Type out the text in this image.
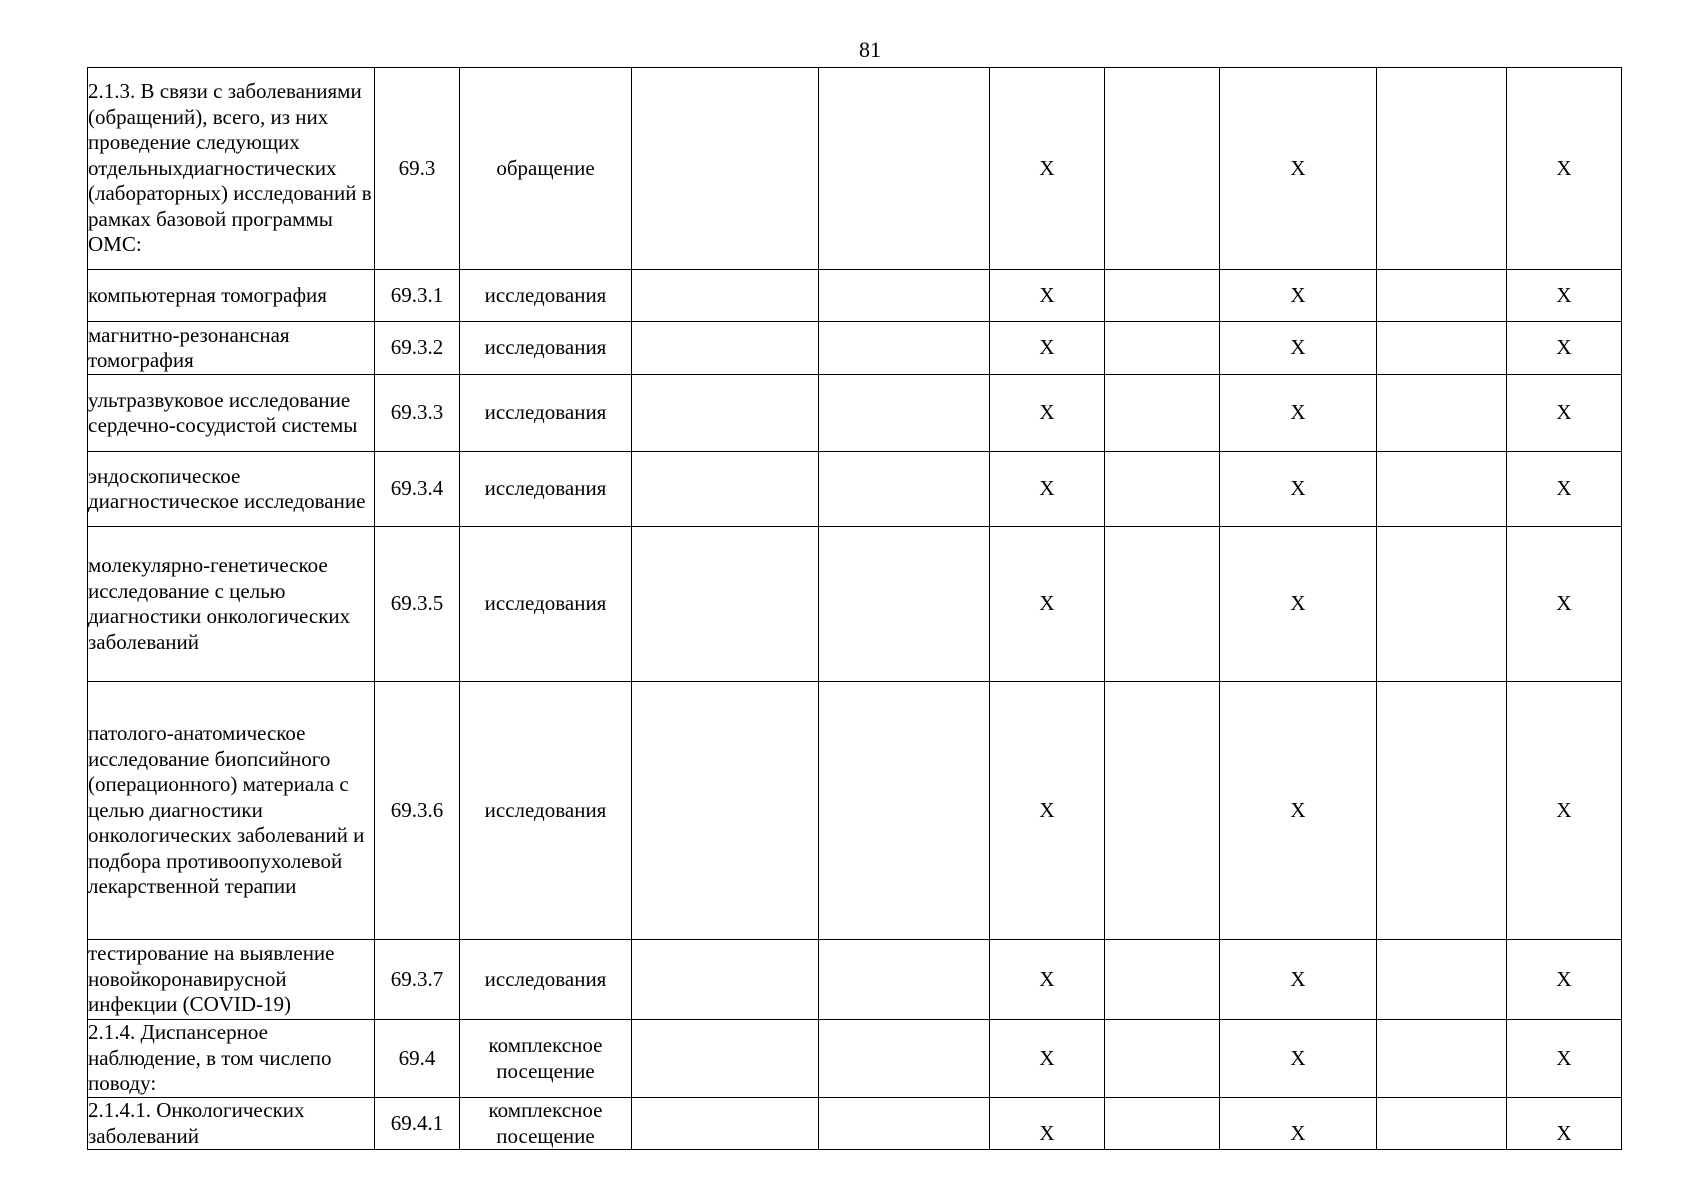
81
2.1.3. В связи с заболеваниями (обращений), всего, из них проведение следующих отдельныхдиагностических (лабораторных) исследований в рамках базовой программы ОМС:	69.3	обращение			X		X		X
компьютерная томография	69.3.1	исследования			X		X		X
магнитно-резонансная томография	69.3.2	исследования			X		X		X
ультразвуковое исследование сердечно-сосудистой системы	69.3.3	исследования			X		X		X
эндоскопическое диагностическое исследование	69.3.4	исследования			X		X		X
молекулярно-генетическое исследование с целью диагностики онкологических заболеваний	69.3.5	исследования			X		X		X
патолого-анатомическое исследование биопсийного (операционного) материала с целью диагностики онкологических заболеваний и подбора противоопухолевой лекарственной терапии	69.3.6	исследования			X		X		X
тестирование на выявление новойкоронавирусной инфекции (COVID-19)	69.3.7	исследования			X		X		X
2.1.4. Диспансерное наблюдение, в том числепо поводу:	69.4	комплексное посещение			X		X		X
2.1.4.1. Онкологических заболеваний	69.4.1	комплексное посещение			X		X		X
